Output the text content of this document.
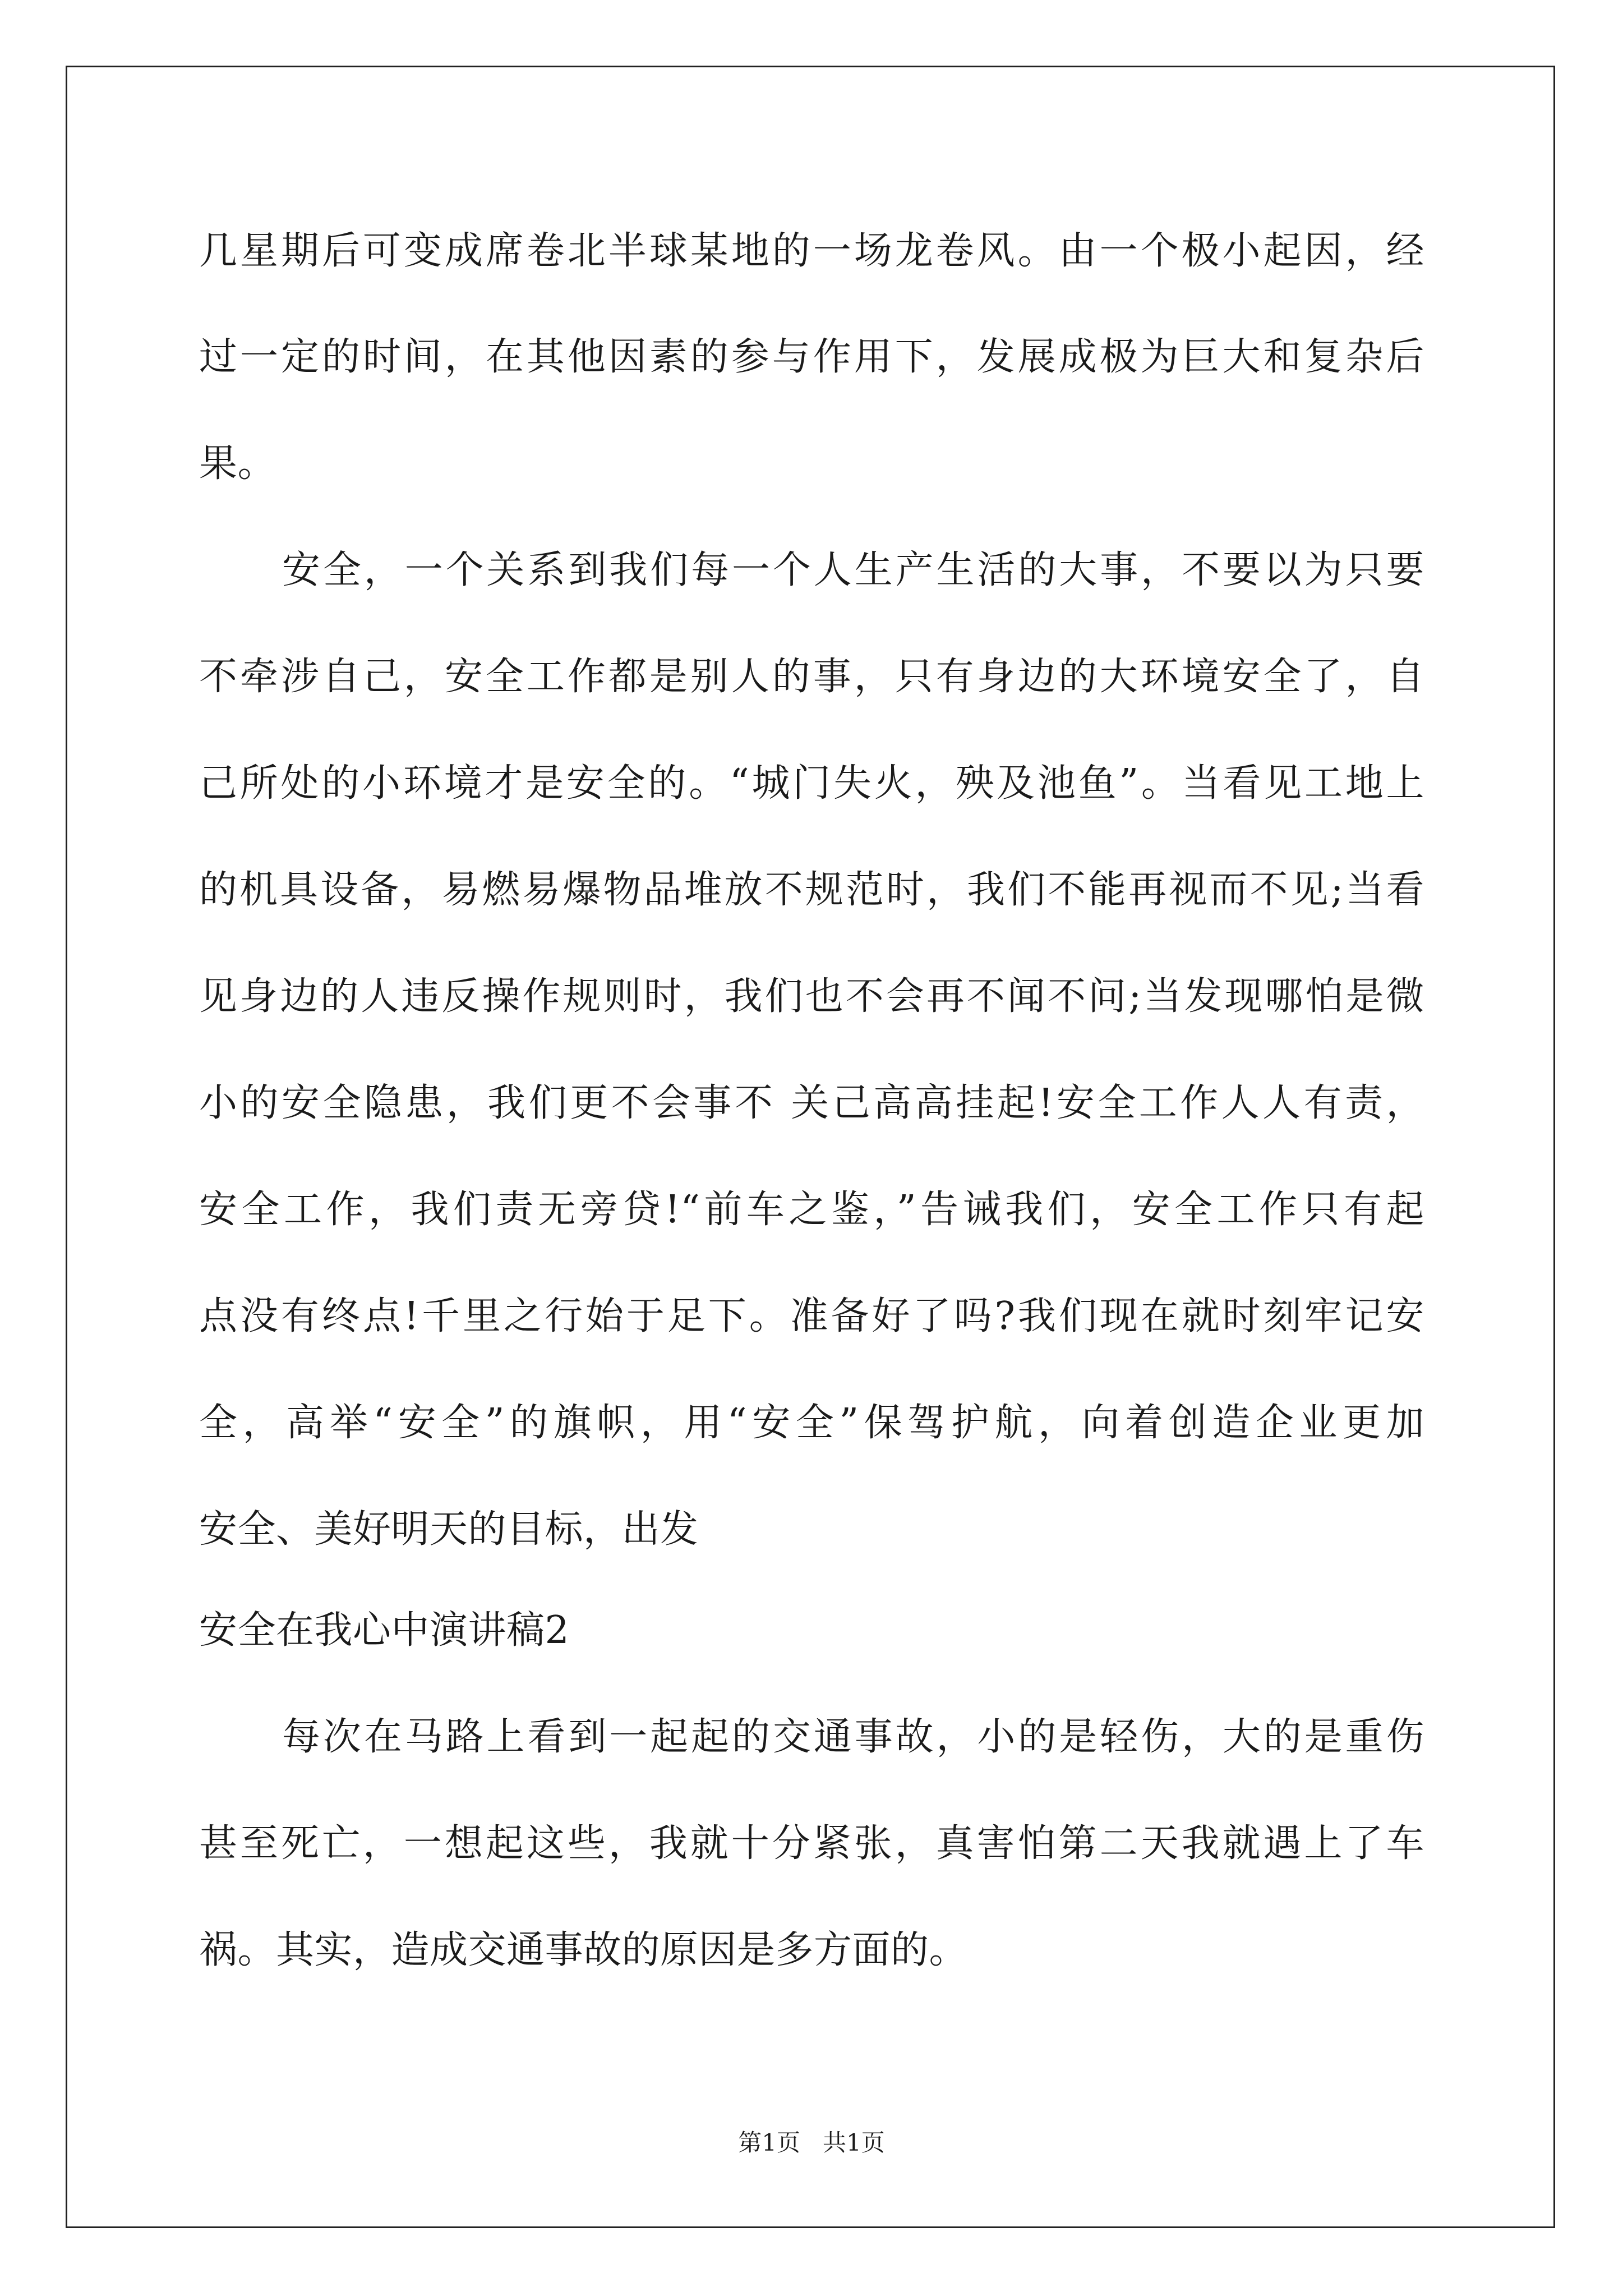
几星期后可变成席卷北半球某地的一场龙卷风。由一个极小起因，经
过一定的时间，在其他因素的参与作用下，发展成极为巨大和复杂后
果。
安全，一个关系到我们每一个人生产生活的大事，不要以为只要
不牵涉自己，安全工作都是别人的事，只有身边的大环境安全了，自
己所处的小环境才是安全的。“城门失火，殃及池鱼”。当看见工地上
的机具设备，易燃易爆物品堆放不规范时，我们不能再视而不见;当看
见身边的人违反操作规则时，我们也不会再不闻不问;当发现哪怕是微
小的安全隐患，我们更不会事不 关己高高挂起!安全工作人人有责，
安全工作，我们责无旁贷!“前车之鉴，”告诫我们，安全工作只有起
点没有终点!千里之行始于足下。准备好了吗?我们现在就时刻牢记安
全，高举“安全”的旗帜，用“安全”保驾护航，向着创造企业更加
安全、美好明天的目标，出发
安全在我心中演讲稿2
每次在马路上看到一起起的交通事故，小的是轻伤，大的是重伤
甚至死亡，一想起这些，我就十分紧张，真害怕第二天我就遇上了车
祸。其实，造成交通事故的原因是多方面的。
第1页   共1页
